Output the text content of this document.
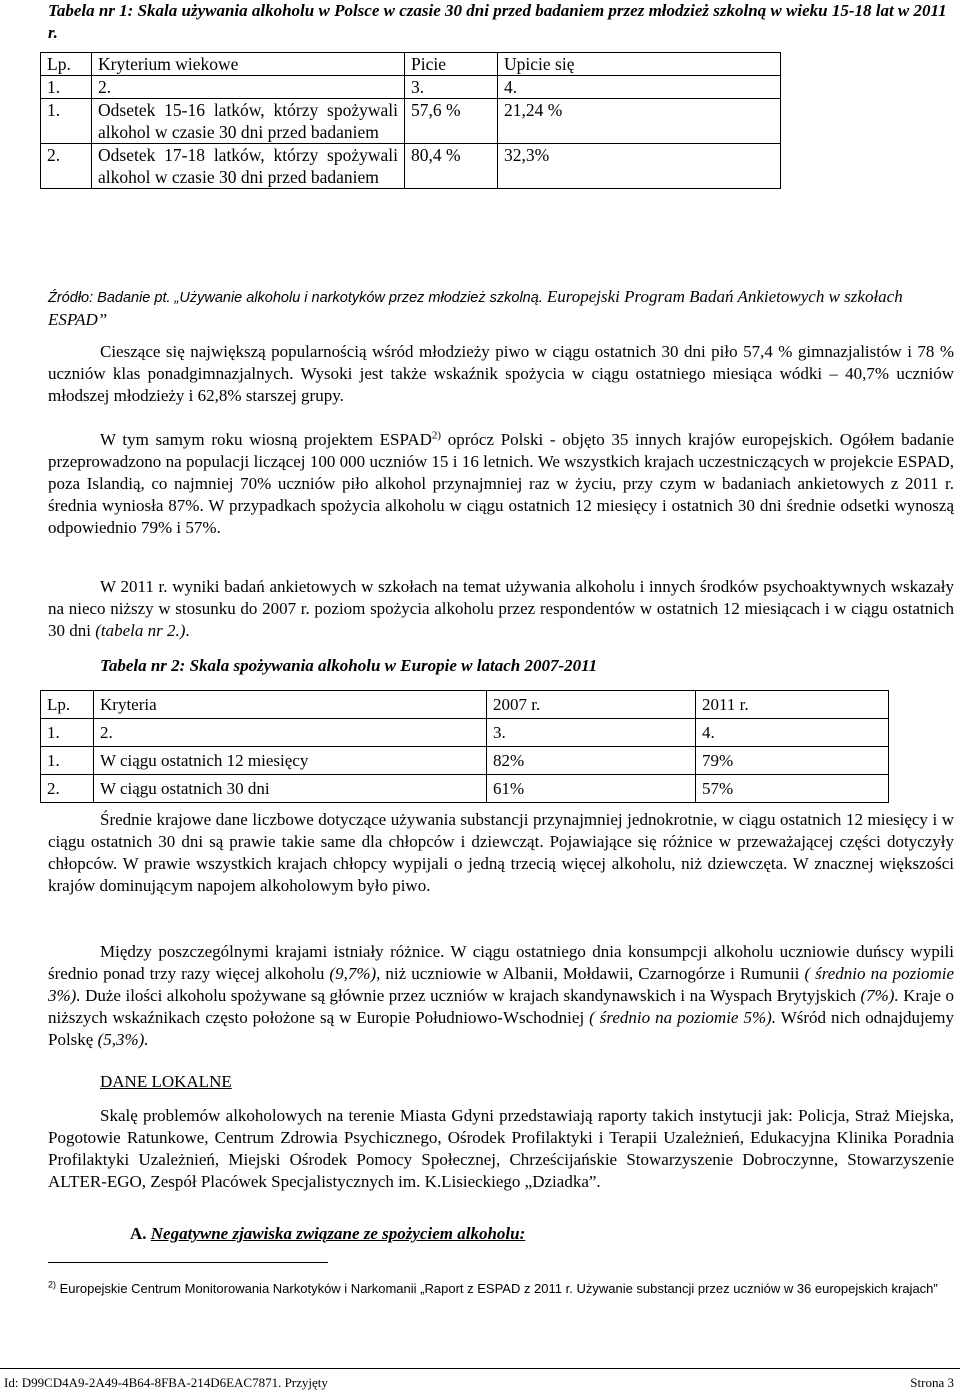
Tabela nr 1: Skala używania alkoholu w Polsce w czasie 30 dni przed badaniem przez młodzież szkolną w wieku 15-18 lat w 2011 r.
Lp.	Kryterium wiekowe	Picie	Upicie się
1.	2.	3.	4.
1.	Odsetek 15-16 latków, którzy spożywali alkohol w czasie 30 dni przed badaniem	57,6 %	21,24 %
2.	Odsetek 17-18 latków, którzy spożywali alkohol w czasie 30 dni przed badaniem	80,4 %	32,3%
Źródło: Badanie pt. „Używanie alkoholu i narkotyków przez młodzież szkolną. Europejski Program Badań Ankietowych w szkołach ESPAD”
Cieszące się największą popularnością wśród młodzieży piwo w ciągu ostatnich 30 dni piło 57,4 % gimnazjalistów i 78 % uczniów klas ponadgimnazjalnych. Wysoki jest także wskaźnik spożycia w ciągu ostatniego miesiąca wódki – 40,7% uczniów młodszej młodzieży i 62,8% starszej grupy.
W tym samym roku wiosną projektem ESPAD$^{2)}$ oprócz Polski - objęto 35 innych krajów europejskich. Ogółem badanie przeprowadzono na populacji liczącej 100 000 uczniów 15 i 16 letnich. We wszystkich krajach uczestniczących w projekcie ESPAD, poza Islandią, co najmniej 70% uczniów piło alkohol przynajmniej raz w życiu, przy czym w badaniach ankietowych z 2011 r. średnia wyniosła 87%. W przypadkach spożycia alkoholu w ciągu ostatnich 12 miesięcy i ostatnich 30 dni średnie odsetki wynoszą odpowiednio 79% i 57%.
W 2011 r. wyniki badań ankietowych w szkołach na temat używania alkoholu i innych środków psychoaktywnych wskazały na nieco niższy w stosunku do 2007 r. poziom spożycia alkoholu przez respondentów w ostatnich 12 miesiącach i w ciągu ostatnich 30 dni (tabela nr 2.).
Tabela nr 2: Skala spożywania alkoholu w Europie w latach 2007-2011
Lp.	Kryteria	2007 r.	2011 r.
1.	2.	3.	4.
1.	W ciągu ostatnich 12 miesięcy	82%	79%
2.	W ciągu ostatnich 30 dni	61%	57%
Średnie krajowe dane liczbowe dotyczące używania substancji przynajmniej jednokrotnie, w ciągu ostatnich 12 miesięcy i w ciągu ostatnich 30 dni są prawie takie same dla chłopców i dziewcząt. Pojawiające się różnice w przeważającej części dotyczyły chłopców. W prawie wszystkich krajach chłopcy wypijali o jedną trzecią więcej alkoholu, niż dziewczęta. W znacznej większości krajów dominującym napojem alkoholowym było piwo.
Między poszczególnymi krajami istniały różnice. W ciągu ostatniego dnia konsumpcji alkoholu uczniowie duńscy wypili średnio ponad trzy razy więcej alkoholu (9,7%), niż uczniowie w Albanii, Mołdawii, Czarnogórze i Rumunii ( średnio na poziomie 3%). Duże ilości alkoholu spożywane są głównie przez uczniów w krajach skandynawskich i na Wyspach Brytyjskich (7%). Kraje o niższych wskaźnikach często położone są w Europie Południowo-Wschodniej ( średnio na poziomie 5%). Wśród nich odnajdujemy Polskę (5,3%).
DANE LOKALNE
Skalę problemów alkoholowych na terenie Miasta Gdyni przedstawiają raporty takich instytucji jak: Policja, Straż Miejska, Pogotowie Ratunkowe, Centrum Zdrowia Psychicznego, Ośrodek Profilaktyki i Terapii Uzależnień, Edukacyjna Klinika Poradnia Profilaktyki Uzależnień, Miejski Ośrodek Pomocy Społecznej, Chrześcijańskie Stowarzyszenie Dobroczynne, Stowarzyszenie ALTER-EGO, Zespół Placówek Specjalistycznych im. K.Lisieckiego „Dziadka”.
A. Negatywne zjawiska związane ze spożyciem alkoholu:
$^{2)}$ Europejskie Centrum Monitorowania Narkotyków i Narkomanii „Raport z ESPAD z 2011 r. Używanie substancji przez uczniów w 36 europejskich krajach”
Id: D99CD4A9-2A49-4B64-8FBA-214D6EAC7871. Przyjęty	Strona 3
